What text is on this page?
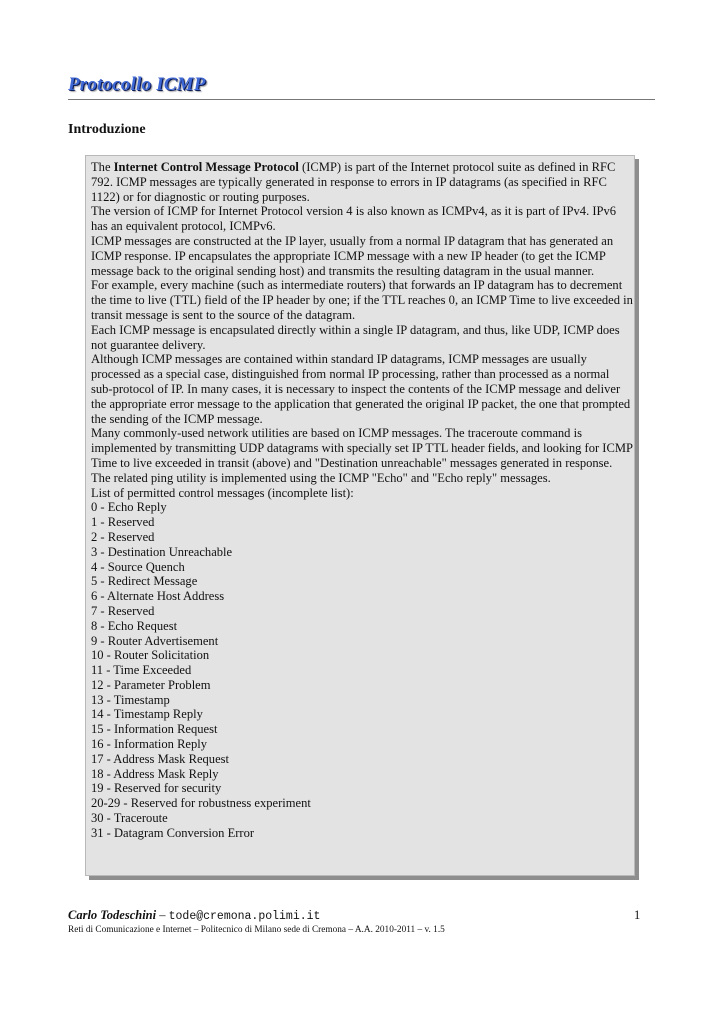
Protocollo ICMP
Introduzione

The Internet Control Message Protocol (ICMP) is part of the Internet protocol suite as defined in RFC 792. ICMP messages are typically generated in response to errors in IP datagrams (as specified in RFC 1122) or for diagnostic or routing purposes.

The version of ICMP for Internet Protocol version 4 is also known as ICMPv4, as it is part of IPv4. IPv6 has an equivalent protocol, ICMPv6.

ICMP messages are constructed at the IP layer, usually from a normal IP datagram that has generated an ICMP response. IP encapsulates the appropriate ICMP message with a new IP header (to get the ICMP message back to the original sending host) and transmits the resulting datagram in the usual manner.

For example, every machine (such as intermediate routers) that forwards an IP datagram has to decrement the time to live (TTL) field of the IP header by one; if the TTL reaches 0, an ICMP Time to live exceeded in transit message is sent to the source of the datagram.

Each ICMP message is encapsulated directly within a single IP datagram, and thus, like UDP, ICMP does not guarantee delivery.

Although ICMP messages are contained within standard IP datagrams, ICMP messages are usually processed as a special case, distinguished from normal IP processing, rather than processed as a normal sub-protocol of IP. In many cases, it is necessary to inspect the contents of the ICMP message and deliver the appropriate error message to the application that generated the original IP packet, the one that prompted the sending of the ICMP message.

Many commonly-used network utilities are based on ICMP messages. The traceroute command is implemented by transmitting UDP datagrams with specially set IP TTL header fields, and looking for ICMP Time to live exceeded in transit (above) and "Destination unreachable" messages generated in response. The related ping utility is implemented using the ICMP "Echo" and "Echo reply" messages.

List of permitted control messages (incomplete list):

0 - Echo Reply
1 - Reserved
2 - Reserved
3 - Destination Unreachable
4 - Source Quench
5 - Redirect Message
6 - Alternate Host Address
7 - Reserved
8 - Echo Request
9 - Router Advertisement
10 - Router Solicitation
11 - Time Exceeded
12 - Parameter Problem
13 - Timestamp
14 - Timestamp Reply
15 - Information Request
16 - Information Reply
17 - Address Mask Request
18 - Address Mask Reply
19 - Reserved for security
20-29 - Reserved for robustness experiment
30 - Traceroute
31 - Datagram Conversion Error
Carlo Todeschini – tode@cremona.polimi.it
Reti di Comunicazione e Internet – Politecnico di Milano sede di Cremona – A.A. 2010-2011 – v. 1.5
1
